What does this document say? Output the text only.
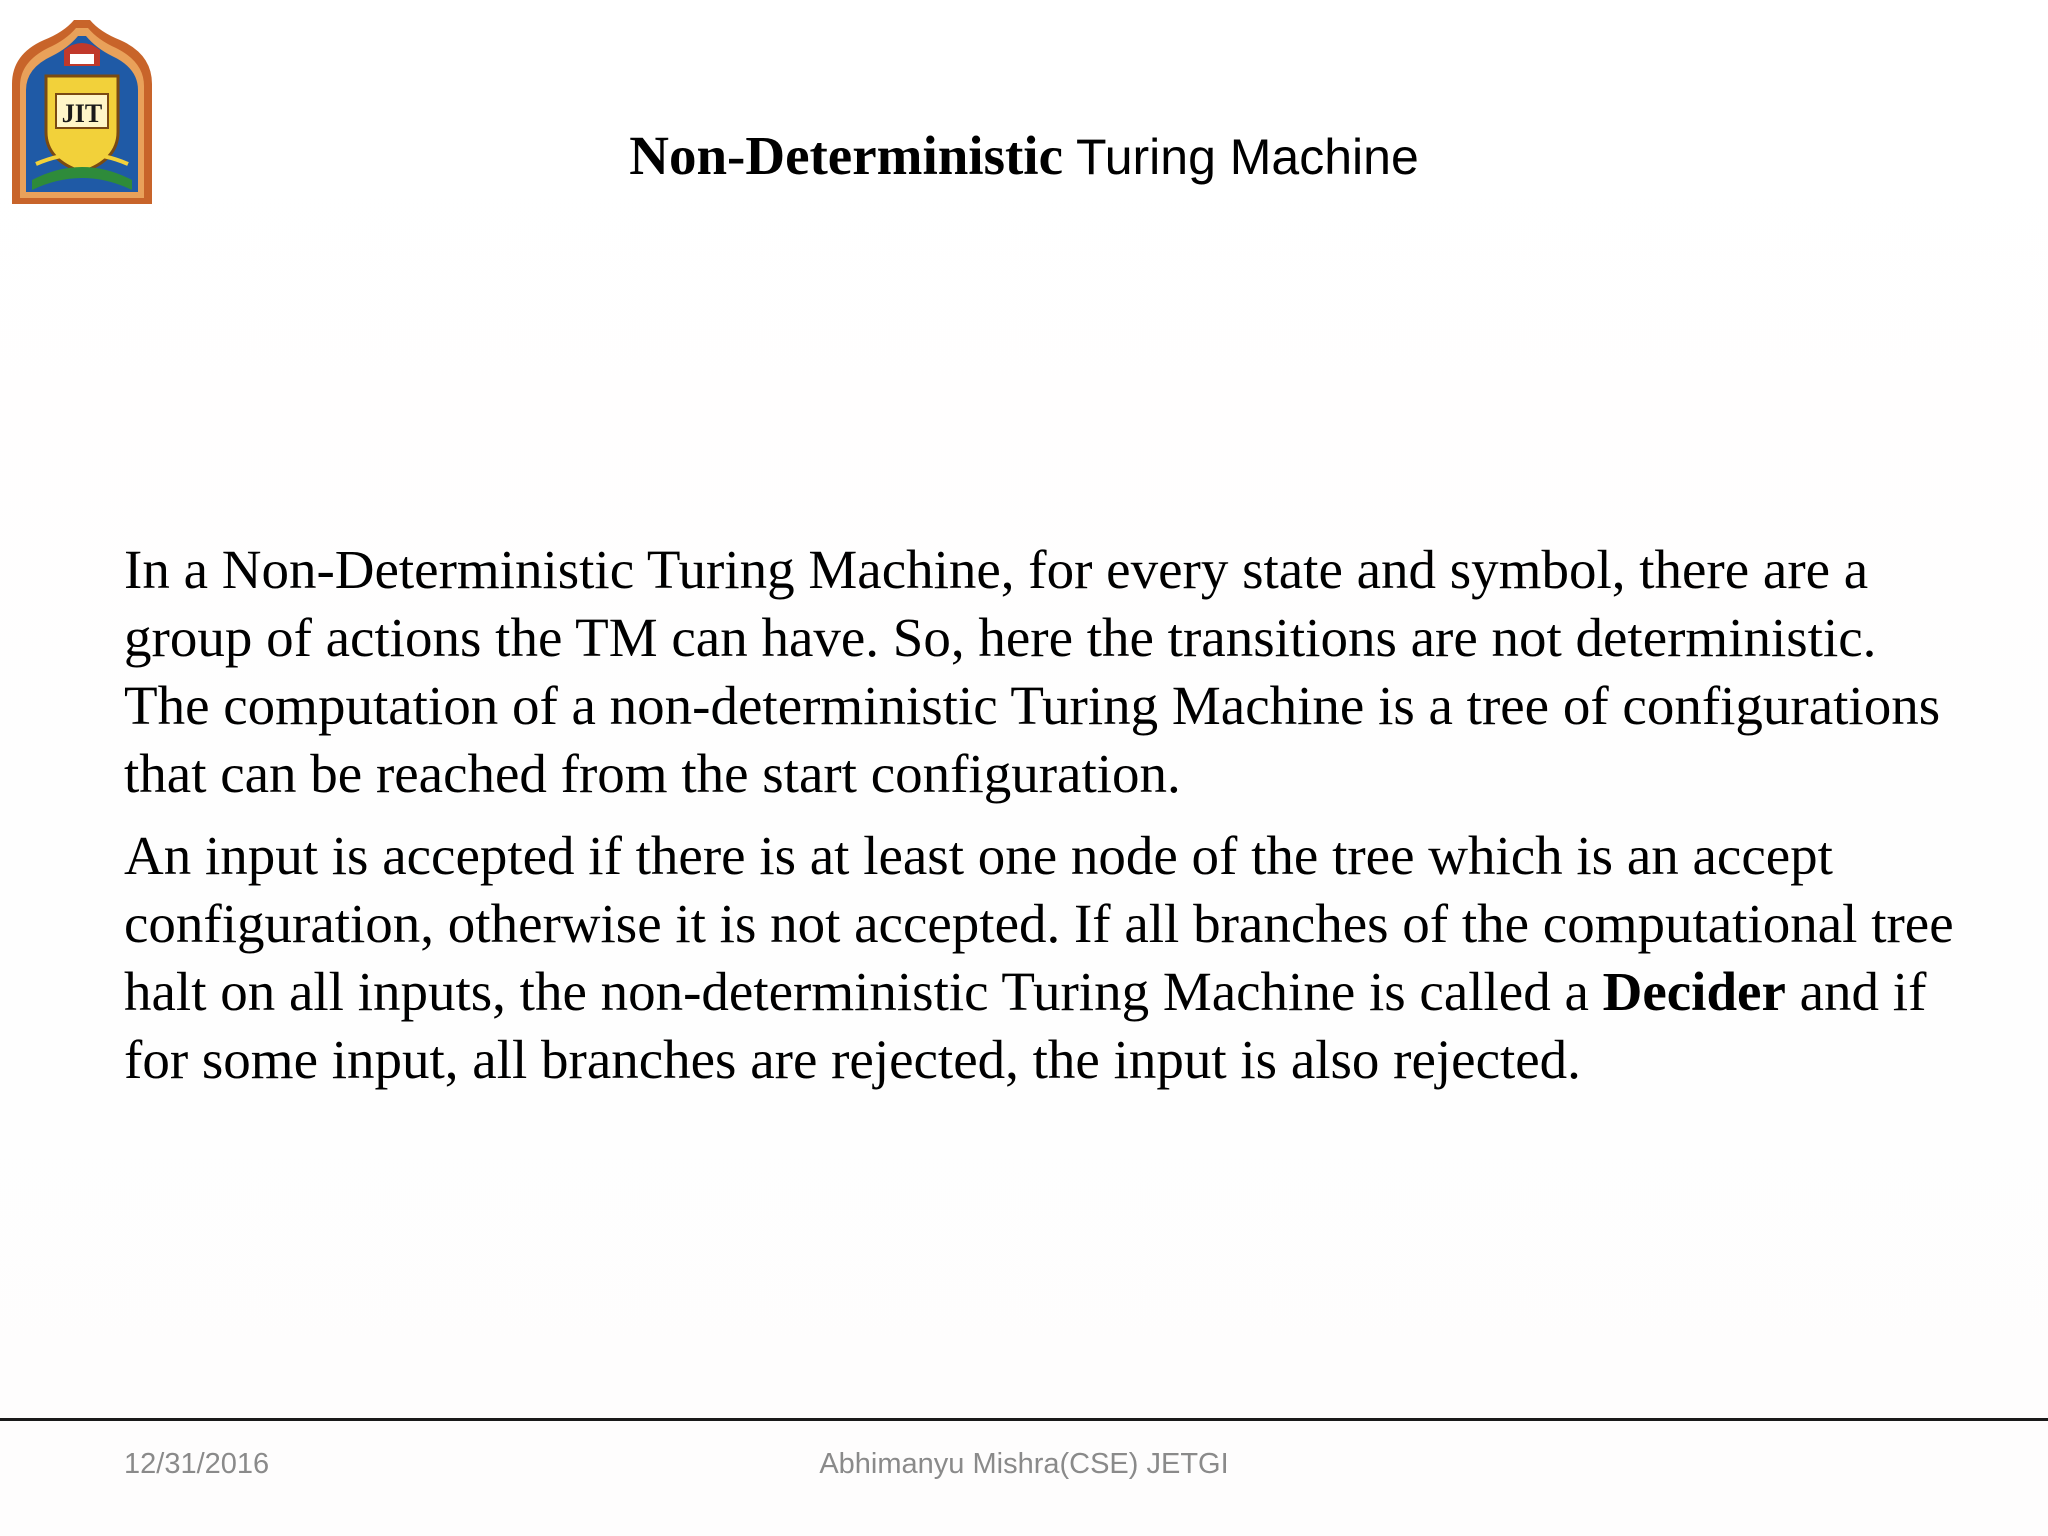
JIT
Non-Deterministic Turing Machine

In a Non-Deterministic Turing Machine, for every state and symbol, there are a group of actions the TM can have. So, here the transitions are not deterministic. The computation of a non-deterministic Turing Machine is a tree of configurations that can be reached from the start configuration.

An input is accepted if there is at least one node of the tree which is an accept configuration, otherwise it is not accepted. If all branches of the computational tree halt on all inputs, the non-deterministic Turing Machine is called a Decider and if for some input, all branches are rejected, the input is also rejected.

12/31/2016	Abhimanyu Mishra(CSE) JETGI
